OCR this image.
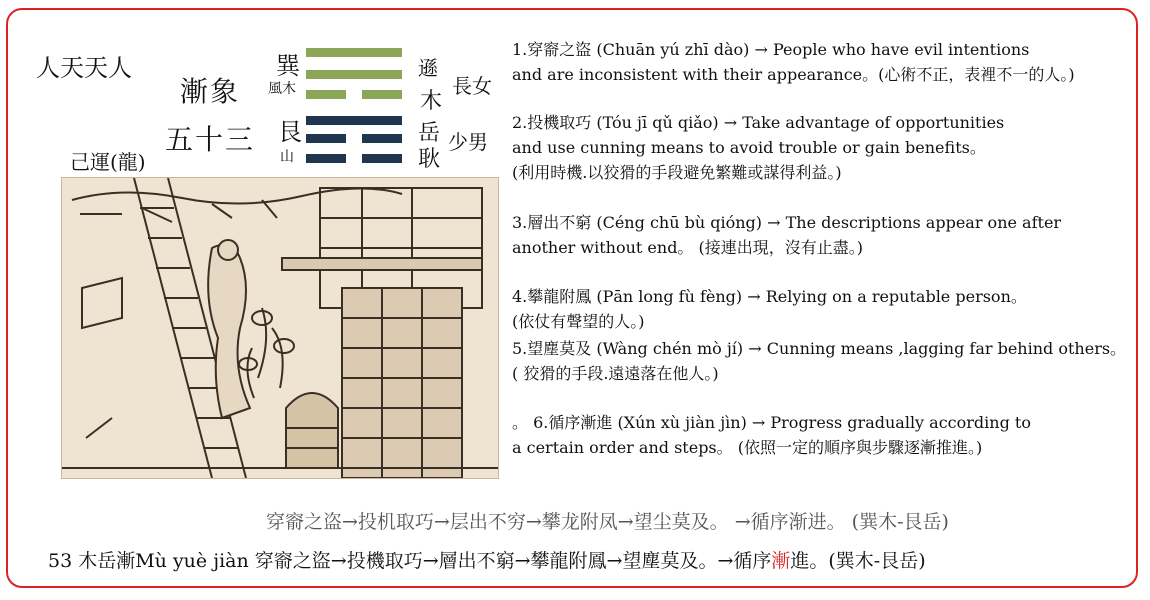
人天天人
漸象
五十三
己運(龍)
巽
風木
艮
山
遜
木
岳
耿
長女
少男
1.穿窬之盜 (Chuān yú zhī dào) → People who have evil intentions
and are inconsistent with their appearance。(心術不正，表裡不一的人。)
2.投機取巧 (Tóu jī qǔ qiǎo) → Take advantage of opportunities
and use cunning means to avoid trouble or gain benefits。
(利用時機.以狡猾的手段避免繁難或謀得利益。)
3.層出不窮 (Céng chū bù qióng) → The descriptions appear one after
another without end。 (接連出現，沒有止盡。)
4.攀龍附鳳 (Pān long fù fèng) → Relying on a reputable person。
(依仗有聲望的人。)
5.望塵莫及 (Wàng chén mò jí) → Cunning means ,lagging far behind others。
( 狡猾的手段.遠遠落在他人。)
。 6.循序漸進 (Xún xù jiàn jìn) → Progress gradually according to
a certain order and steps。 (依照一定的順序與步驟逐漸推進。)
穿窬之盗→投机取巧→层出不穷→攀龙附凤→望尘莫及。 →循序渐进。 (巽木-艮岳)
53 木岳漸Mù yuè jiàn 穿窬之盜→投機取巧→層出不窮→攀龍附鳳→望塵莫及。→循序漸進。(巽木-艮岳)
